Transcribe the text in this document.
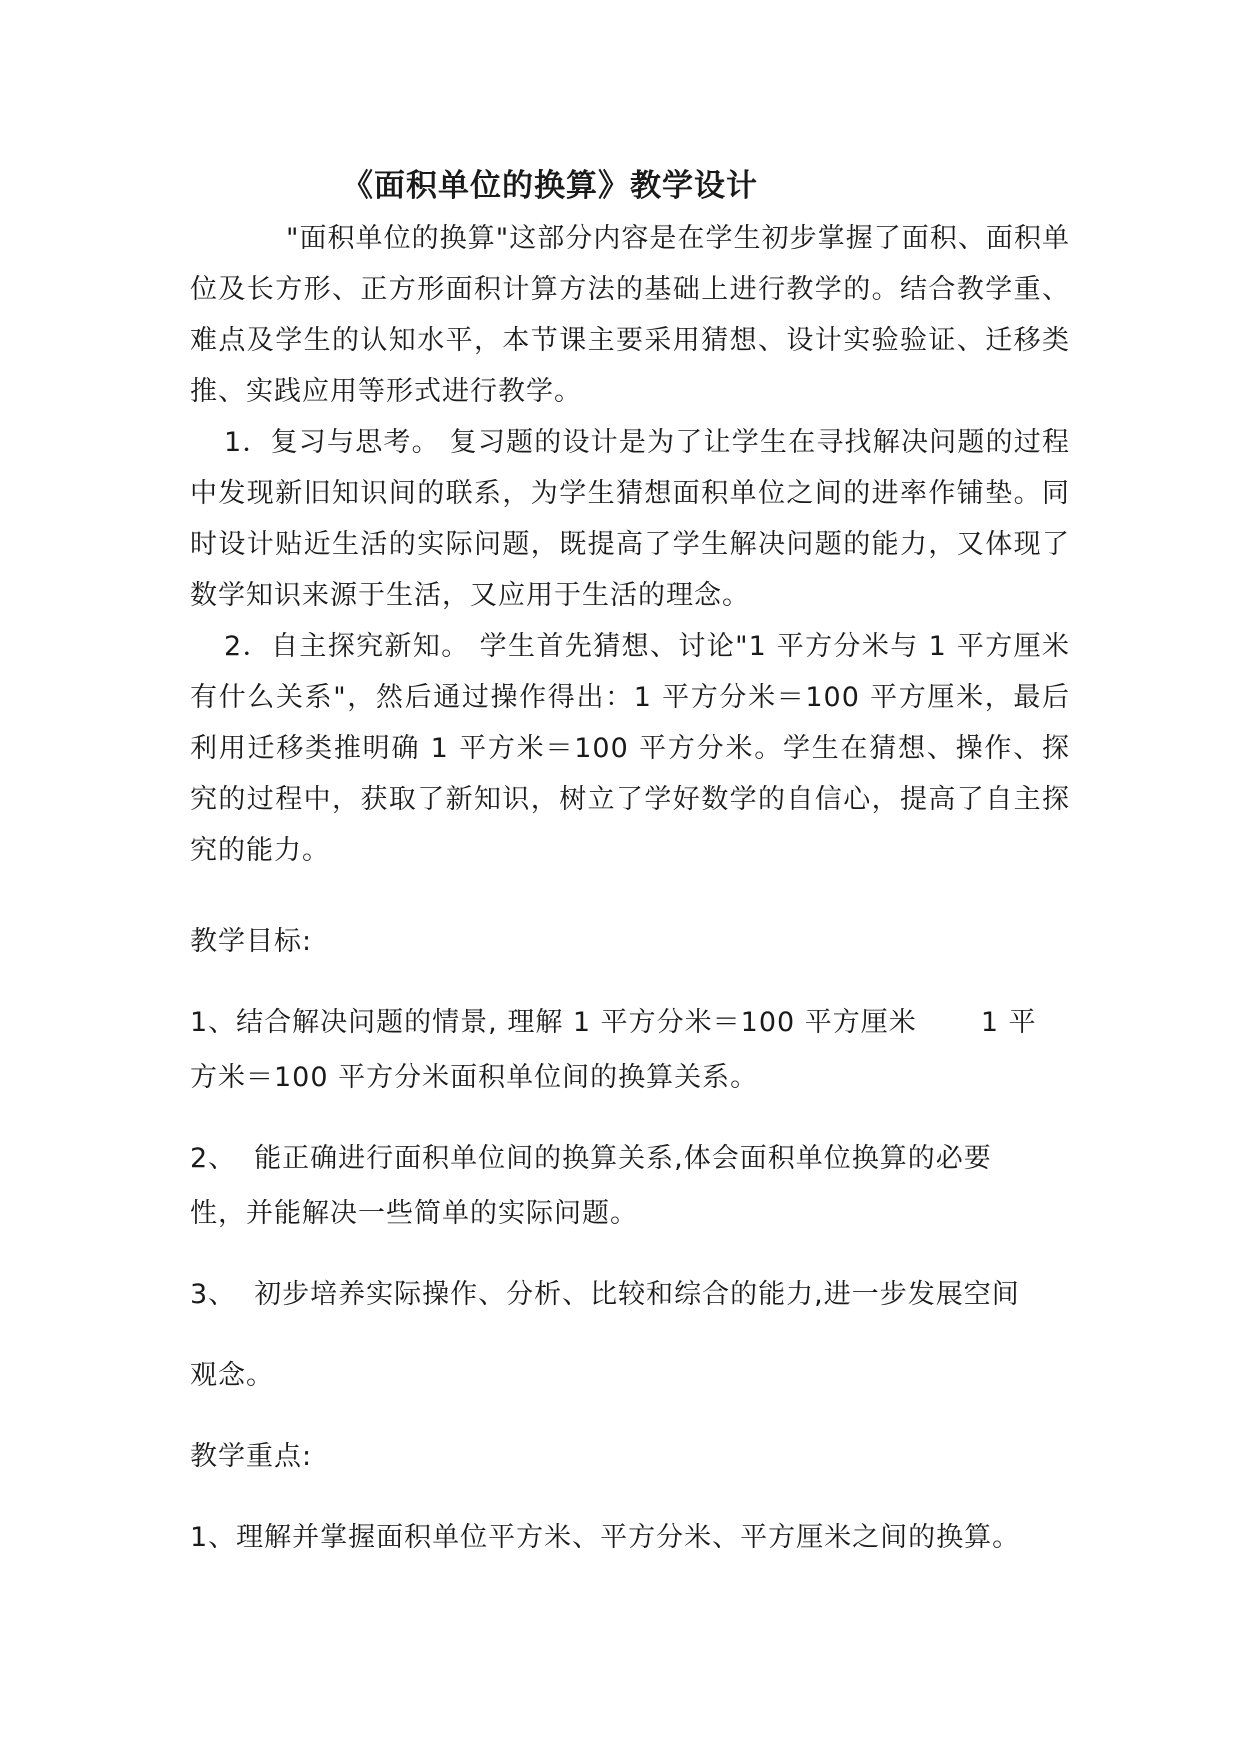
《面积单位的换算》教学设计

"面积单位的换算"这部分内容是在学生初步掌握了面积、面积单位及长方形、正方形面积计算方法的基础上进行教学的。结合教学重、难点及学生的认知水平，本节课主要采用猜想、设计实验验证、迁移类推、实践应用等形式进行教学。

1．复习与思考。 复习题的设计是为了让学生在寻找解决问题的过程中发现新旧知识间的联系，为学生猜想面积单位之间的进率作铺垫。同时设计贴近生活的实际问题，既提高了学生解决问题的能力，又体现了数学知识来源于生活，又应用于生活的理念。

2．自主探究新知。 学生首先猜想、讨论"1 平方分米与 1 平方厘米有什么关系"，然后通过操作得出：1 平方分米＝100 平方厘米，最后利用迁移类推明确 1 平方米＝100 平方分米。学生在猜想、操作、探究的过程中，获取了新知识，树立了学好数学的自信心，提高了自主探究的能力。

教学目标:

1、结合解决问题的情景, 理解 1 平方分米＝100 平方厘米 1 平

方米＝100 平方分米面积单位间的换算关系。

2、 能正确进行面积单位间的换算关系,体会面积单位换算的必要

性，并能解决一些简单的实际问题。

3、 初步培养实际操作、分析、比较和综合的能力,进一步发展空间

观念。

教学重点:

1、理解并掌握面积单位平方米、平方分米、平方厘米之间的换算。
